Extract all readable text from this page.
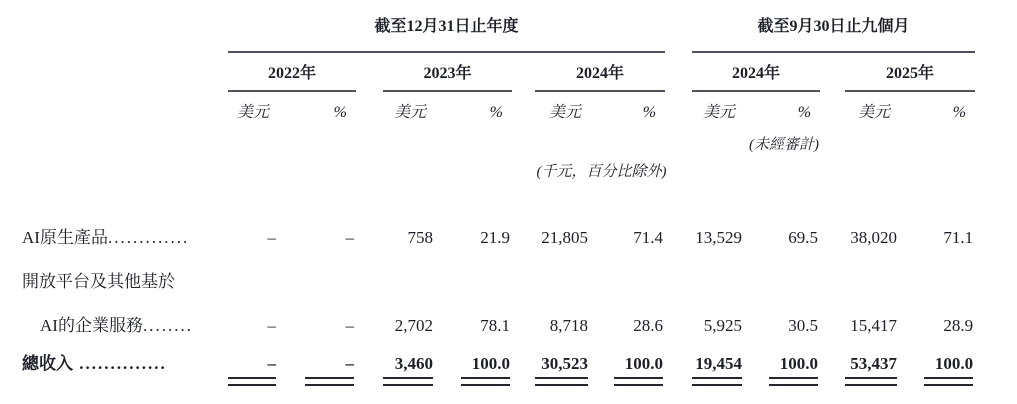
	截至12月31日止年度									截至9月30日止九個月					
	2022年			2023年			2024年			2024年			2025年		
	美元	%		美元	%		美元	%		美元	%		美元	%	
										(未經審計)					
	(千元，百分比除外)														

AI原生產品.............	–	–		758	21.9		21,805	71.4		13,529	69.5		38,020	71.1	
開放平台及其他基於															
AI的企業服務........	–	–		2,702	78.1		8,718	28.6		5,925	30.5		15,417	28.9	
總收入 ..............	–	–		3,460	100.0		30,523	100.0		19,454	100.0		53,437	100.0	
